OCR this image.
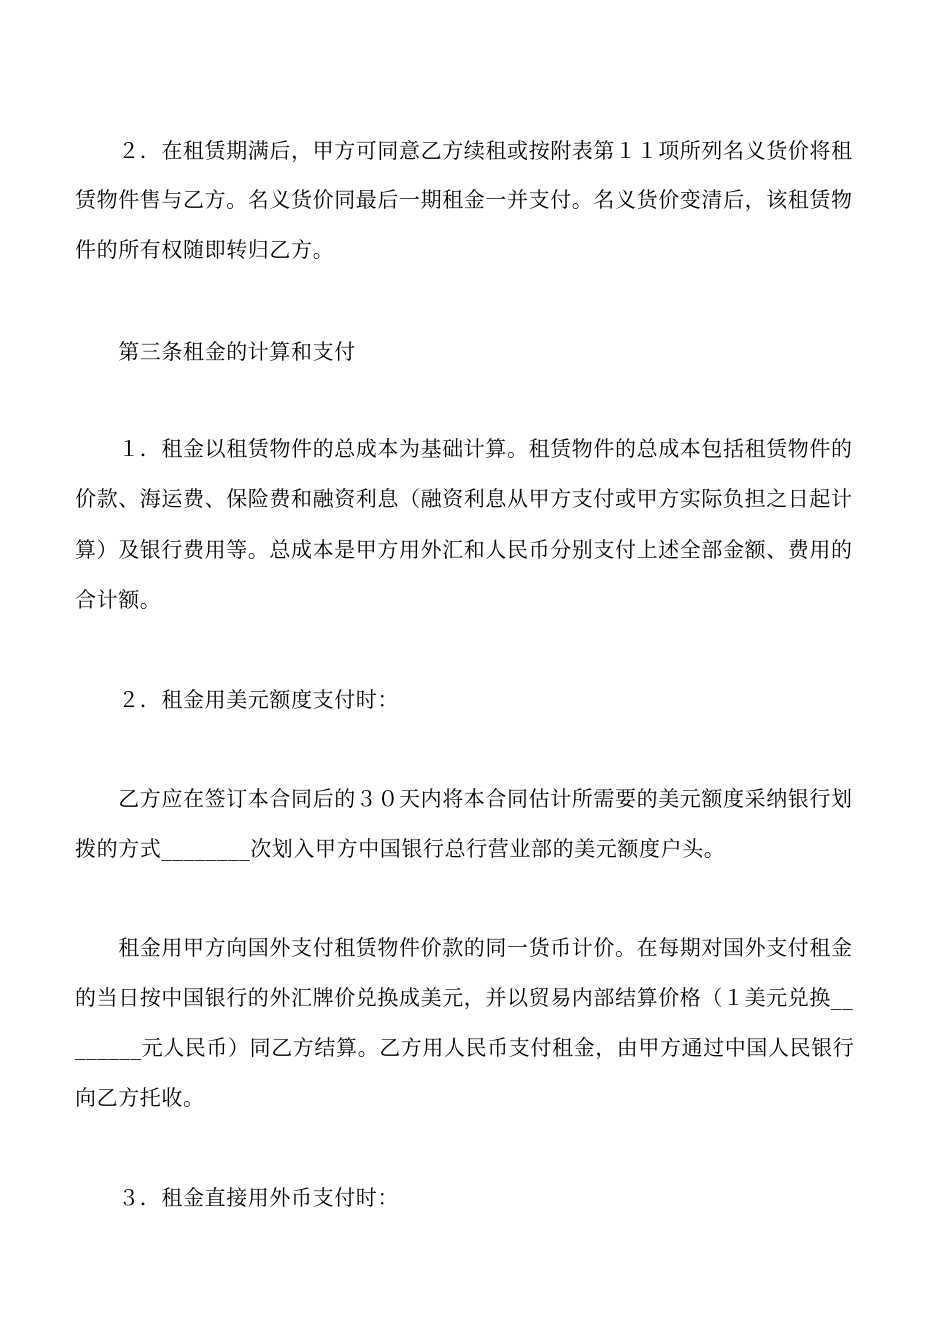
　　２．在租赁期满后，甲方可同意乙方续租或按附表第１１项所列名义货价将租
赁物件售与乙方。名义货价同最后一期租金一并支付。名义货价变清后，该租赁物
件的所有权随即转归乙方。
　　第三条租金的计算和支付
　　１．租金以租赁物件的总成本为基础计算。租赁物件的总成本包括租赁物件的
价款、海运费、保险费和融资利息（融资利息从甲方支付或甲方实际负担之日起计
算）及银行费用等。总成本是甲方用外汇和人民币分别支付上述全部金额、费用的
合计额。
　　２．租金用美元额度支付时：
　　乙方应在签订本合同后的３０天内将本合同估计所需要的美元额度采纳银行划
拨的方式________次划入甲方中国银行总行营业部的美元额度户头。
　　租金用甲方向国外支付租赁物件价款的同一货币计价。在每期对国外支付租金
的当日按中国银行的外汇牌价兑换成美元，并以贸易内部结算价格（１美元兑换__
______元人民币）同乙方结算。乙方用人民币支付租金，由甲方通过中国人民银行
向乙方托收。
　　３．租金直接用外币支付时：
